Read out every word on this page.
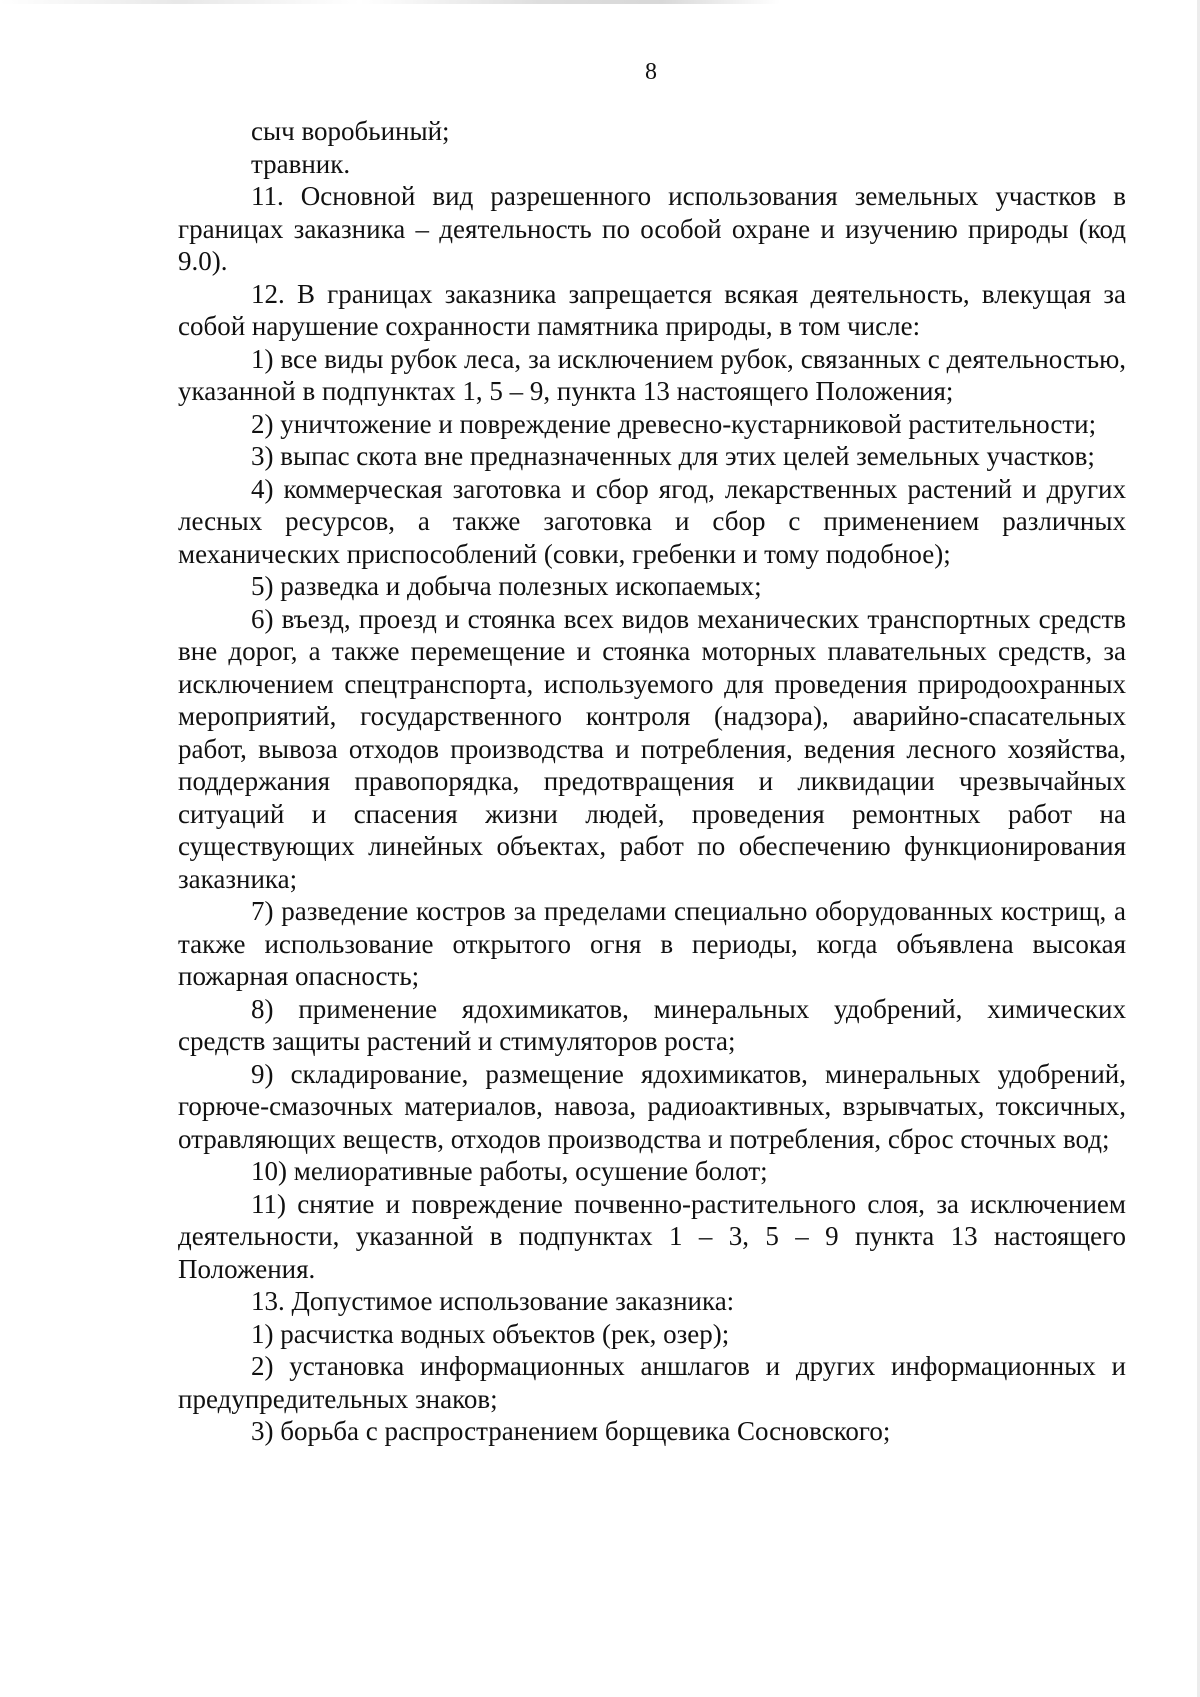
8

сыч воробьиный;

травник.

11. Основной вид разрешенного использования земельных участков в границах заказника – деятельность по особой охране и изучению природы (код 9.0).

12. В границах заказника запрещается всякая деятельность, влекущая за собой нарушение сохранности памятника природы, в том числе:

1) все виды рубок леса, за исключением рубок, связанных с деятельностью, указанной в подпунктах 1, 5 – 9, пункта 13 настоящего Положения;

2) уничтожение и повреждение древесно-кустарниковой растительности;

3) выпас скота вне предназначенных для этих целей земельных участков;

4) коммерческая заготовка и сбор ягод, лекарственных растений и других лесных ресурсов, а также заготовка и сбор с применением различных механических приспособлений (совки, гребенки и тому подобное);

5) разведка и добыча полезных ископаемых;

6) въезд, проезд и стоянка всех видов механических транспортных средств вне дорог, а также перемещение и стоянка моторных плавательных средств, за исключением спецтранспорта, используемого для проведения природоохранных мероприятий, государственного контроля (надзора), аварийно-спасательных работ, вывоза отходов производства и потребления, ведения лесного хозяйства, поддержания правопорядка, предотвращения и ликвидации чрезвычайных ситуаций и спасения жизни людей, проведения ремонтных работ на существующих линейных объектах, работ по обеспечению функционирования заказника;

7) разведение костров за пределами специально оборудованных кострищ, а также использование открытого огня в периоды, когда объявлена высокая пожарная опасность;

8) применение ядохимикатов, минеральных удобрений, химических средств защиты растений и стимуляторов роста;

9) складирование, размещение ядохимикатов, минеральных удобрений, горюче-смазочных материалов, навоза, радиоактивных, взрывчатых, токсичных, отравляющих веществ, отходов производства и потребления, сброс сточных вод;

10) мелиоративные работы, осушение болот;

11) снятие и повреждение почвенно-растительного слоя, за исключением деятельности, указанной в подпунктах 1 – 3, 5 – 9 пункта 13 настоящего Положения.

13. Допустимое использование заказника:

1) расчистка водных объектов (рек, озер);

2) установка информационных аншлагов и других информационных и предупредительных знаков;

3) борьба с распространением борщевика Сосновского;
